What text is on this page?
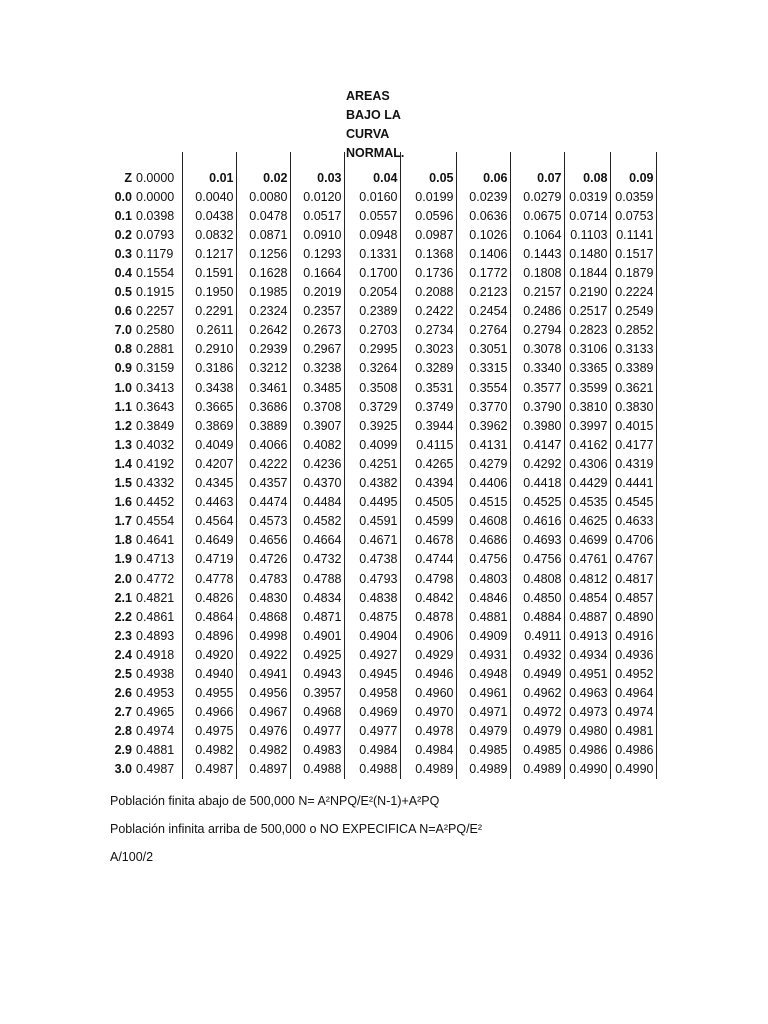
AREAS
BAJO LA
CURVA
NORMAL.

Z	0.0000	0.01	0.02	0.03	0.04	0.05	0.06	0.07	0.08	0.09
0.0	0.0000	0.0040	0.0080	0.0120	0.0160	0.0199	0.0239	0.0279	0.0319	0.0359
0.1	0.0398	0.0438	0.0478	0.0517	0.0557	0.0596	0.0636	0.0675	0.0714	0.0753
0.2	0.0793	0.0832	0.0871	0.0910	0.0948	0.0987	0.1026	0.1064	0.1103	0.1141
0.3	0.1179	0.1217	0.1256	0.1293	0.1331	0.1368	0.1406	0.1443	0.1480	0.1517
0.4	0.1554	0.1591	0.1628	0.1664	0.1700	0.1736	0.1772	0.1808	0.1844	0.1879
0.5	0.1915	0.1950	0.1985	0.2019	0.2054	0.2088	0.2123	0.2157	0.2190	0.2224
0.6	0.2257	0.2291	0.2324	0.2357	0.2389	0.2422	0.2454	0.2486	0.2517	0.2549
7.0	0.2580	0.2611	0.2642	0.2673	0.2703	0.2734	0.2764	0.2794	0.2823	0.2852
0.8	0.2881	0.2910	0.2939	0.2967	0.2995	0.3023	0.3051	0.3078	0.3106	0.3133
0.9	0.3159	0.3186	0.3212	0.3238	0.3264	0.3289	0.3315	0.3340	0.3365	0.3389
1.0	0.3413	0.3438	0.3461	0.3485	0.3508	0.3531	0.3554	0.3577	0.3599	0.3621
1.1	0.3643	0.3665	0.3686	0.3708	0.3729	0.3749	0.3770	0.3790	0.3810	0.3830
1.2	0.3849	0.3869	0.3889	0.3907	0.3925	0.3944	0.3962	0.3980	0.3997	0.4015
1.3	0.4032	0.4049	0.4066	0.4082	0.4099	0.4115	0.4131	0.4147	0.4162	0.4177
1.4	0.4192	0.4207	0.4222	0.4236	0.4251	0.4265	0.4279	0.4292	0.4306	0.4319
1.5	0.4332	0.4345	0.4357	0.4370	0.4382	0.4394	0.4406	0.4418	0.4429	0.4441
1.6	0.4452	0.4463	0.4474	0.4484	0.4495	0.4505	0.4515	0.4525	0.4535	0.4545
1.7	0.4554	0.4564	0.4573	0.4582	0.4591	0.4599	0.4608	0.4616	0.4625	0.4633
1.8	0.4641	0.4649	0.4656	0.4664	0.4671	0.4678	0.4686	0.4693	0.4699	0.4706
1.9	0.4713	0.4719	0.4726	0.4732	0.4738	0.4744	0.4756	0.4756	0.4761	0.4767
2.0	0.4772	0.4778	0.4783	0.4788	0.4793	0.4798	0.4803	0.4808	0.4812	0.4817
2.1	0.4821	0.4826	0.4830	0.4834	0.4838	0.4842	0.4846	0.4850	0.4854	0.4857
2.2	0.4861	0.4864	0.4868	0.4871	0.4875	0.4878	0.4881	0.4884	0.4887	0.4890
2.3	0.4893	0.4896	0.4998	0.4901	0.4904	0.4906	0.4909	0.4911	0.4913	0.4916
2.4	0.4918	0.4920	0.4922	0.4925	0.4927	0.4929	0.4931	0.4932	0.4934	0.4936
2.5	0.4938	0.4940	0.4941	0.4943	0.4945	0.4946	0.4948	0.4949	0.4951	0.4952
2.6	0.4953	0.4955	0.4956	0.3957	0.4958	0.4960	0.4961	0.4962	0.4963	0.4964
2.7	0.4965	0.4966	0.4967	0.4968	0.4969	0.4970	0.4971	0.4972	0.4973	0.4974
2.8	0.4974	0.4975	0.4976	0.4977	0.4977	0.4978	0.4979	0.4979	0.4980	0.4981
2.9	0.4881	0.4982	0.4982	0.4983	0.4984	0.4984	0.4985	0.4985	0.4986	0.4986
3.0	0.4987	0.4987	0.4897	0.4988	0.4988	0.4989	0.4989	0.4989	0.4990	0.4990
Población finita abajo de 500,000 N= A²NPQ/E²(N-1)+A²PQ
Población infinita arriba de 500,000 o NO EXPECIFICA N=A²PQ/E²
A/100/2
